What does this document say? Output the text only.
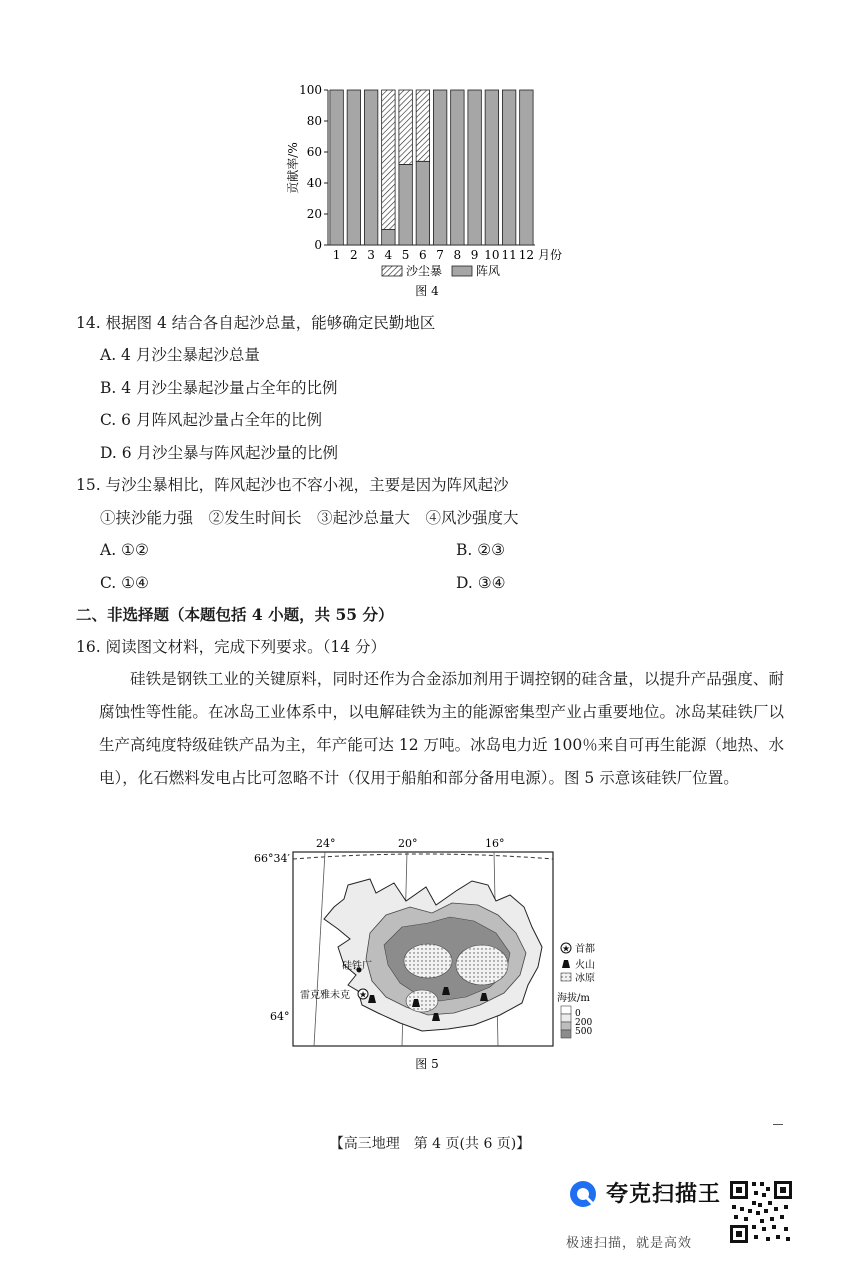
贡献率/%
0
20
40
60
80
100
1 2 3 4 5 6 7 8 9 10 11 12 月份
沙尘暴	阵风
图 4
14. 根据图 4 结合各自起沙总量，能够确定民勤地区
A. 4 月沙尘暴起沙总量
B. 4 月沙尘暴起沙量占全年的比例
C. 6 月阵风起沙量占全年的比例
D. 6 月沙尘暴与阵风起沙量的比例
15. 与沙尘暴相比，阵风起沙也不容小视，主要是因为阵风起沙
①挟沙能力强　②发生时间长　③起沙总量大　④风沙强度大
A. ①②	B. ②③
C. ①④	D. ③④
二、非选择题（本题包括 4 小题，共 55 分）
16. 阅读图文材料，完成下列要求。（14 分）
硅铁是钢铁工业的关键原料，同时还作为合金添加剂用于调控钢的硅含量，以提升产品强度、耐腐蚀性等性能。在冰岛工业体系中，以电解硅铁为主的能源密集型产业占重要地位。冰岛某硅铁厂以生产高纯度特级硅铁产品为主，年产能可达 12 万吨。冰岛电力近 100％来自可再生能源（地热、水电），化石燃料发电占比可忽略不计（仅用于船舶和部分备用电源）。图 5 示意该硅铁厂位置。
硅铁厂
★
雷克雅未克
24°	20°	16°
66°34′
64°
★ 首都
火山
冰原
海拔/m
0
200
500
图 5
【高三地理　第 4 页(共 6 页)】
夸克扫描王
极速扫描，就是高效
